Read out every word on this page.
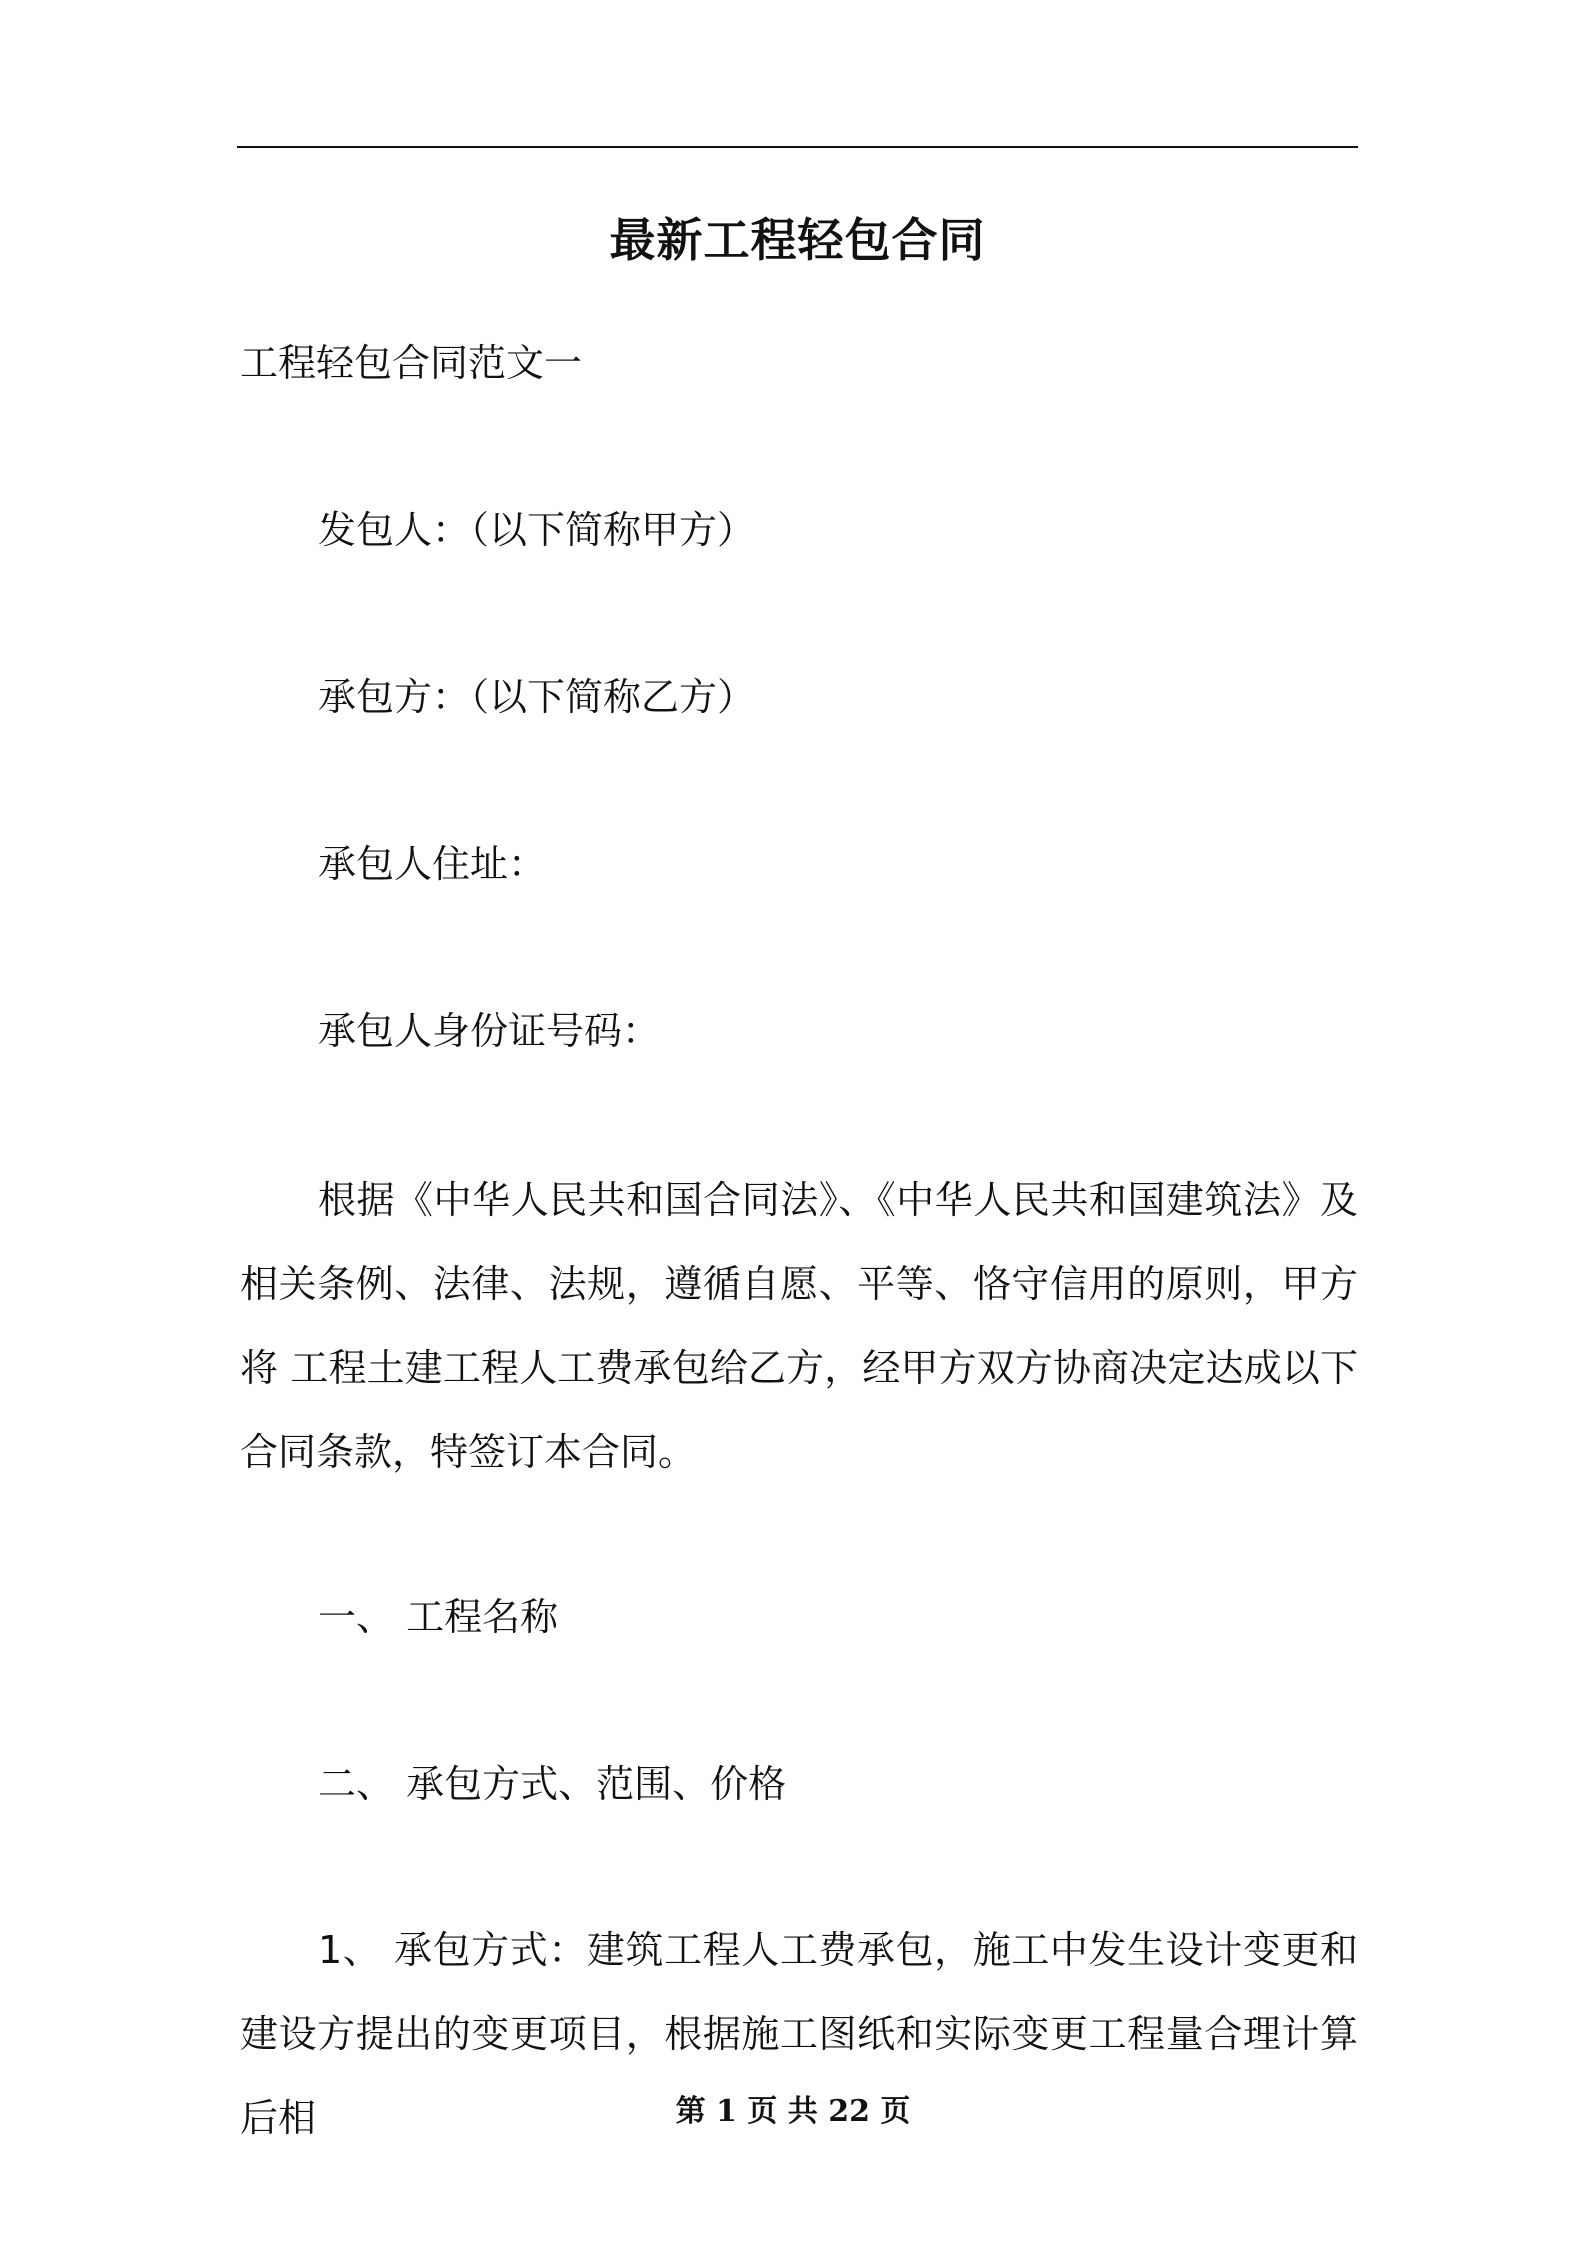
最新工程轻包合同
工程轻包合同范文一
发包人：（以下简称甲方）
承包方：（以下简称乙方）
承包人住址：
承包人身份证号码：
根据《中华人民共和国合同法》、《中华人民共和国建筑法》及相关条例、法律、法规，遵循自愿、平等、恪守信用的原则，甲方将 工程土建工程人工费承包给乙方，经甲方双方协商决定达成以下合同条款，特签订本合同。
一、 工程名称
二、 承包方式、范围、价格
1、 承包方式：建筑工程人工费承包，施工中发生设计变更和建设方提出的变更项目，根据施工图纸和实际变更工程量合理计算后相	第 1 页 共 22 页
